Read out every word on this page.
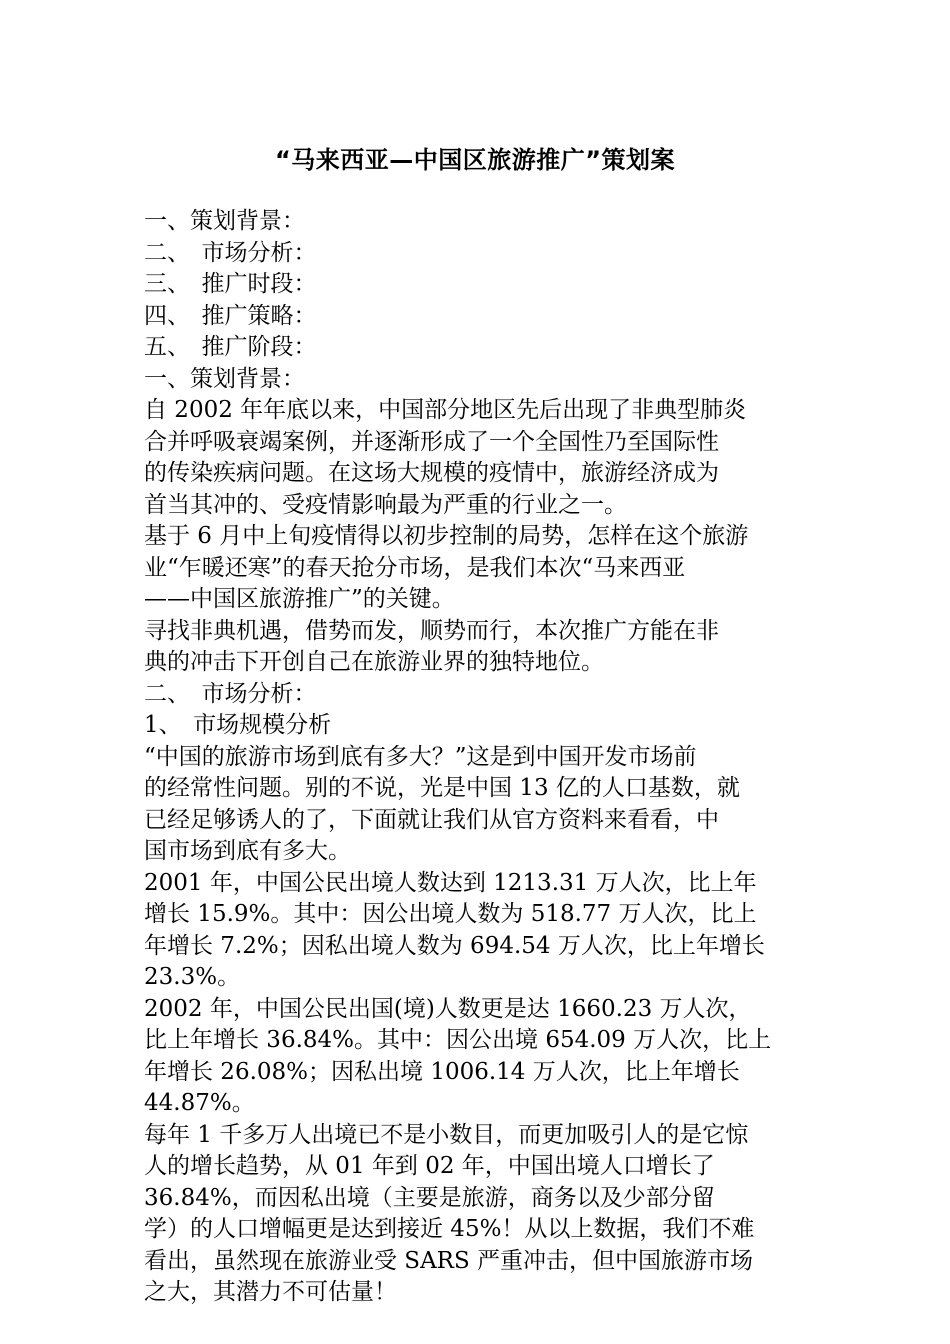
“马来西亚—中国区旅游推广”策划案
一、策划背景：
二、　市场分析：
三、　推广时段：
四、　推广策略：
五、　推广阶段：
一、策划背景：
自 2002 年年底以来，中国部分地区先后出现了非典型肺炎
合并呼吸衰竭案例，并逐渐形成了一个全国性乃至国际性
的传染疾病问题。在这场大规模的疫情中，旅游经济成为
首当其冲的、受疫情影响最为严重的行业之一。
基于 6 月中上旬疫情得以初步控制的局势，怎样在这个旅游
业“乍暖还寒”的春天抢分市场，是我们本次“马来西亚
——中国区旅游推广”的关键。
寻找非典机遇，借势而发，顺势而行，本次推广方能在非
典的冲击下开创自己在旅游业界的独特地位。
二、　市场分析：
1、　市场规模分析
“中国的旅游市场到底有多大？”这是到中国开发市场前
的经常性问题。别的不说，光是中国 13 亿的人口基数，就
已经足够诱人的了，下面就让我们从官方资料来看看，中
国市场到底有多大。
2001 年，中国公民出境人数达到 1213.31 万人次，比上年
增长 15.9%。其中：因公出境人数为 518.77 万人次，比上
年增长 7.2%；因私出境人数为 694.54 万人次，比上年增长
23.3%。
2002 年，中国公民出国(境)人数更是达 1660.23 万人次，
比上年增长 36.84%。其中：因公出境 654.09 万人次，比上
年增长 26.08%；因私出境 1006.14 万人次，比上年增长
44.87%。
每年 1 千多万人出境已不是小数目，而更加吸引人的是它惊
人的增长趋势，从 01 年到 02 年，中国出境人口增长了
36.84%，而因私出境（主要是旅游，商务以及少部分留
学）的人口增幅更是达到接近 45%！从以上数据，我们不难
看出，虽然现在旅游业受 SARS 严重冲击，但中国旅游市场
之大，其潜力不可估量！
